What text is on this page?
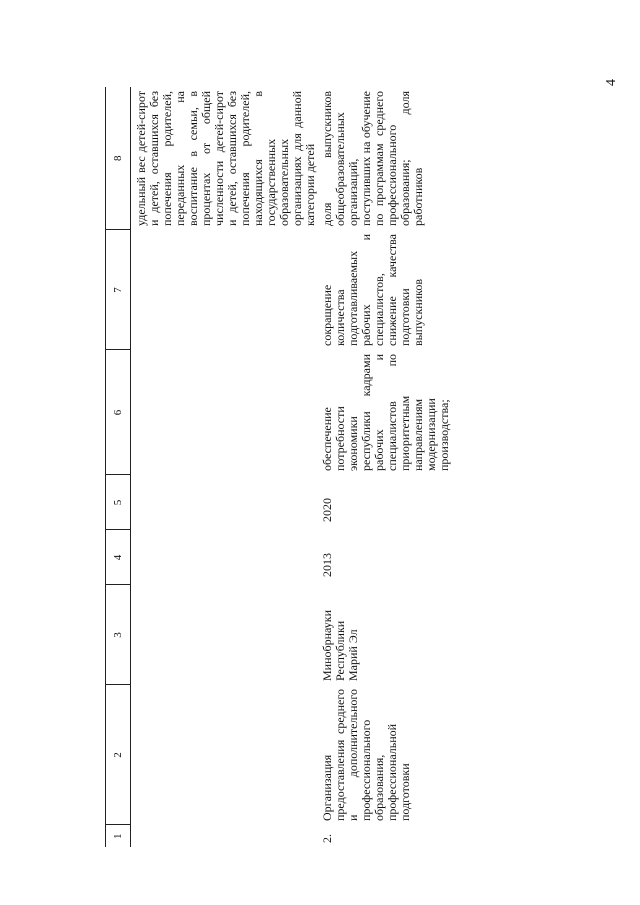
4
1	2	3	4	5	6	7	8
							удельный вес детей-сирот и детей, оставшихся без попечения родителей, переданных на воспитание в семьи, в процентах от общей численности детей-сирот и детей, оставшихся без попечения родителей, находящихся в государственных образовательных организациях для данной категории детей
2.	Организация предоставления среднего и дополнительного профессионального образования, профессиональной подготовки	Минобрнауки Республики Марий Эл	2013	2020	обеспечение потребности экономики республики кадрами рабочих и специалистов по приоритетным направлениям модернизации производства;	сокращение количества подготавливаемых рабочих и специалистов, снижение качества подготовки выпускников	доля выпускников общеобразовательных организаций, поступивших на обучение по программам среднего профессионального образования; доля работников
